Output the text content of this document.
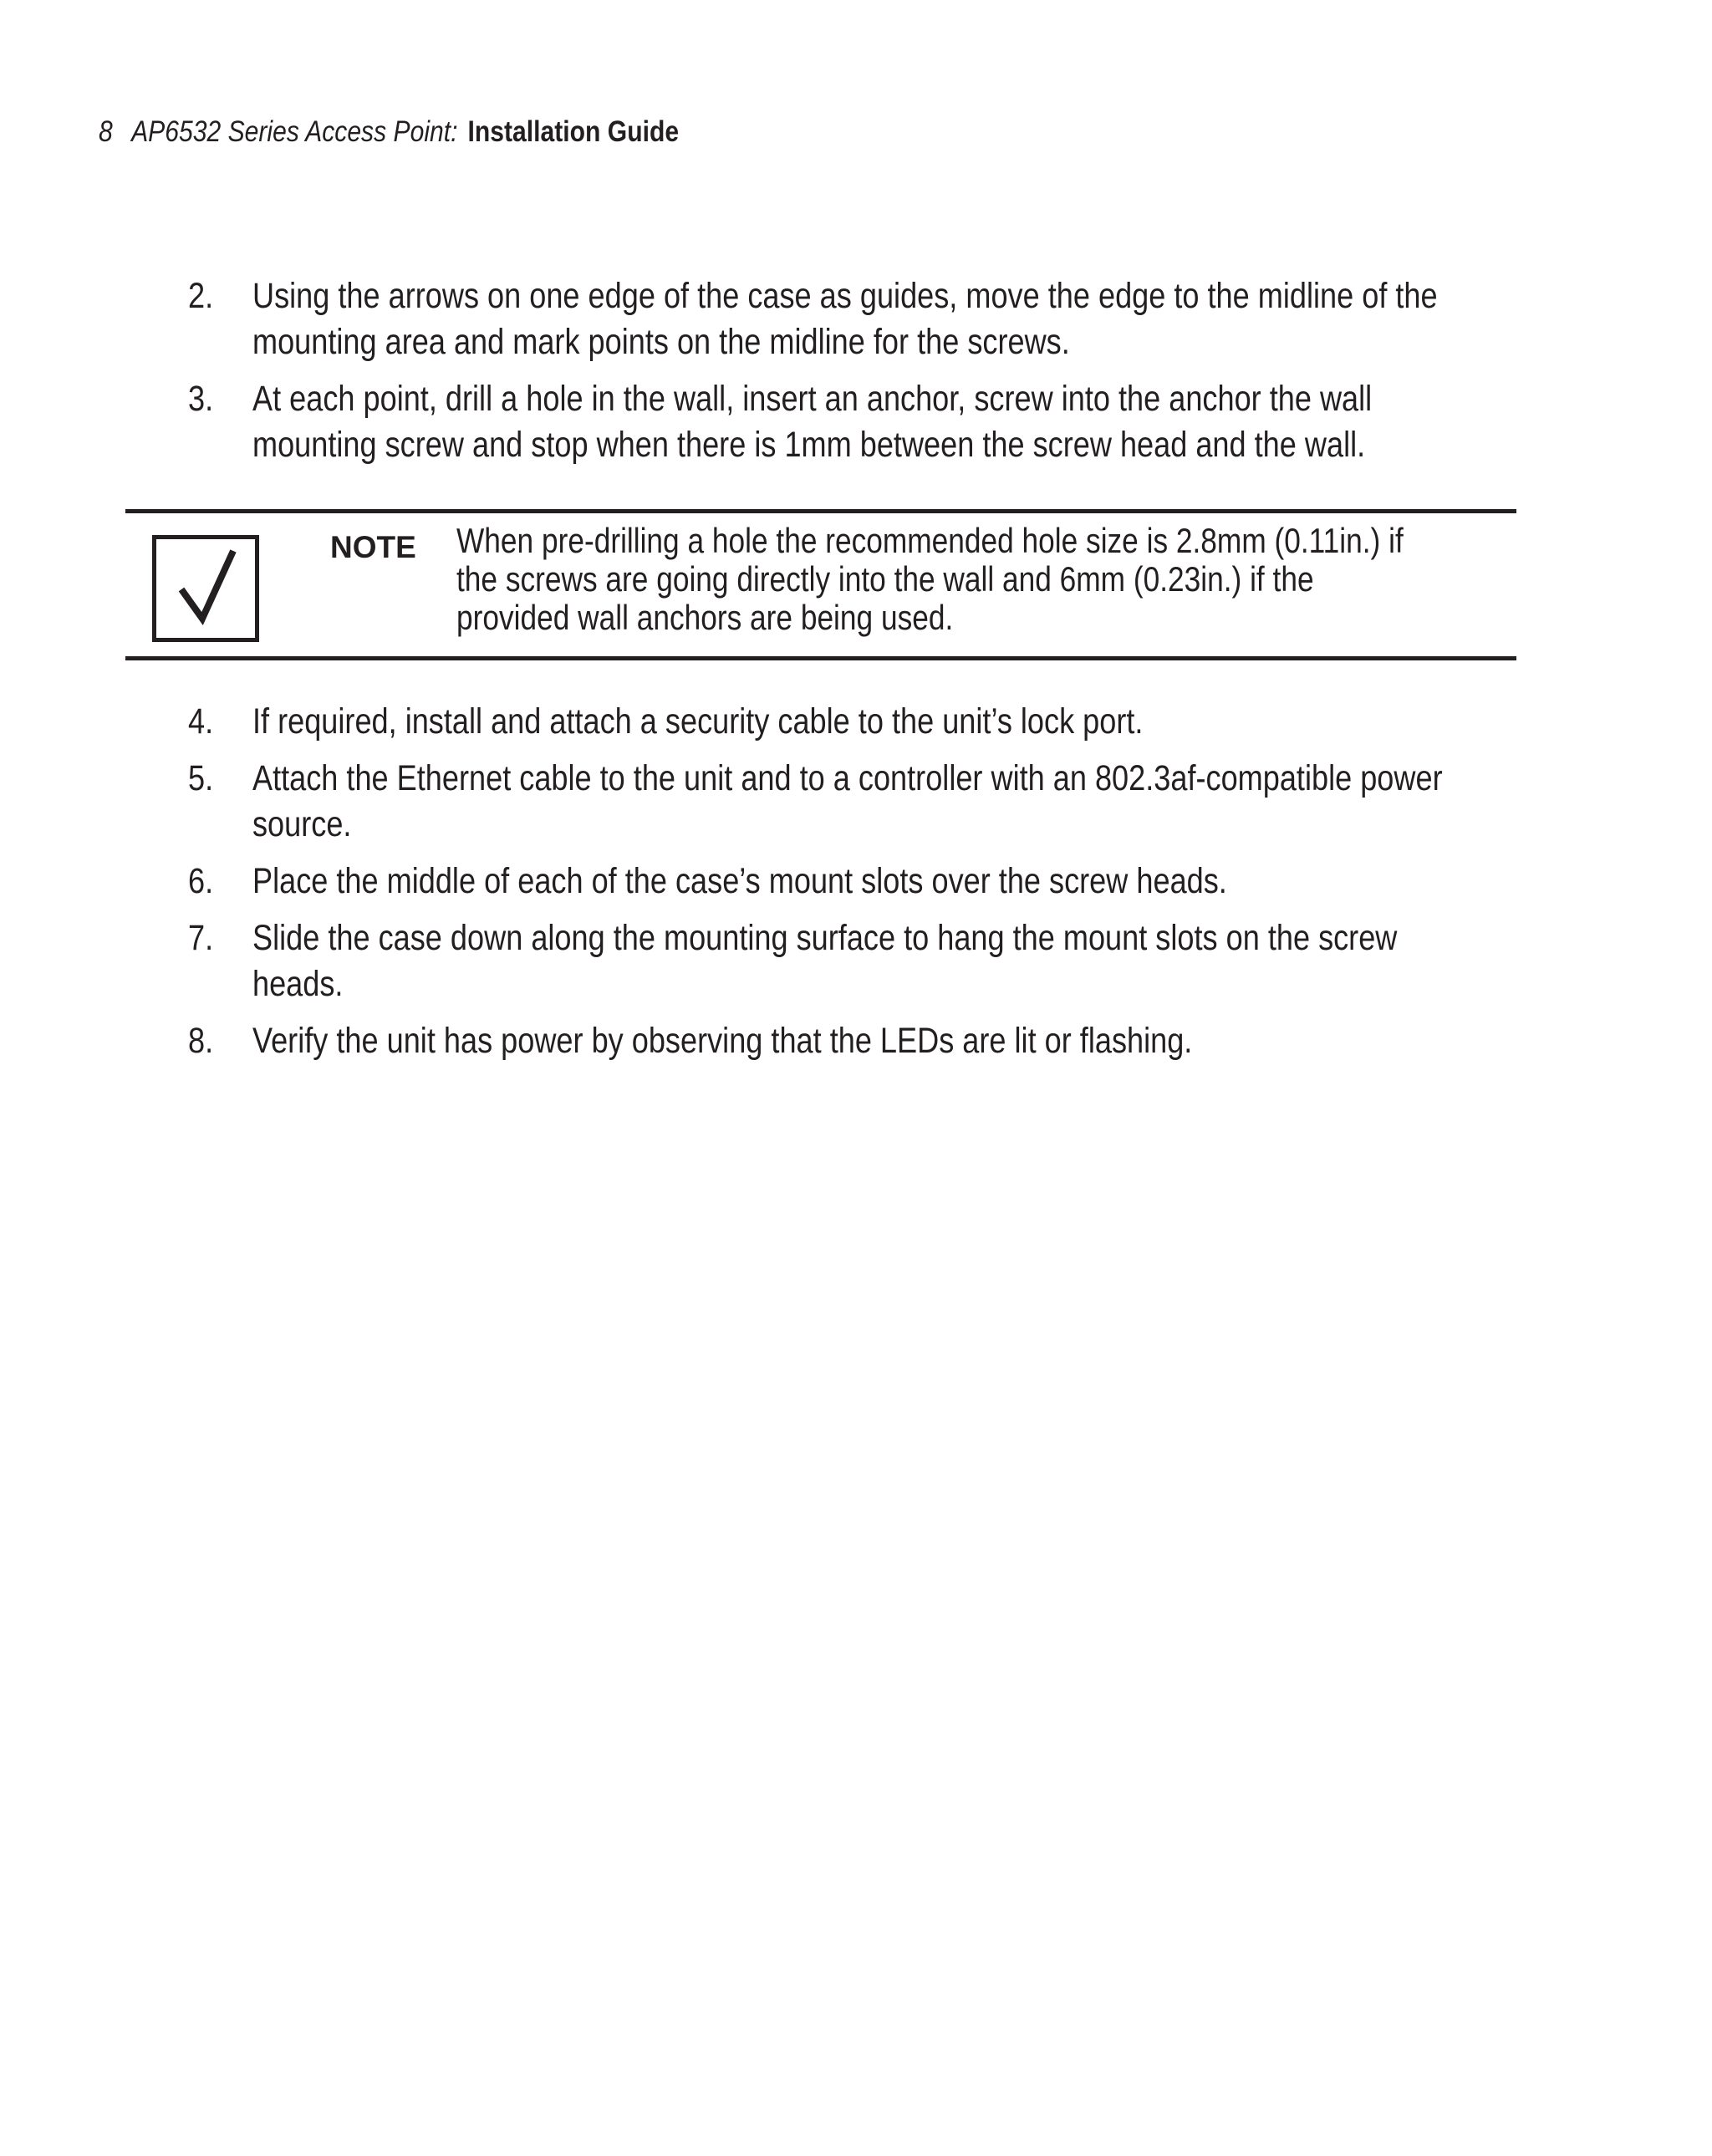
8 AP6532 Series Access Point: Installation Guide
2. Using the arrows on one edge of the case as guides, move the edge to the midline of the
mounting area and mark points on the midline for the screws.
3. At each point, drill a hole in the wall, insert an anchor, screw into the anchor the wall
mounting screw and stop when there is 1mm between the screw head and the wall.
NOTE When pre-drilling a hole the recommended hole size is 2.8mm (0.11in.) if
the screws are going directly into the wall and 6mm (0.23in.) if the
provided wall anchors are being used.
4. If required, install and attach a security cable to the unit’s lock port.
5. Attach the Ethernet cable to the unit and to a controller with an 802.3af-compatible power
source.
6. Place the middle of each of the case’s mount slots over the screw heads.
7. Slide the case down along the mounting surface to hang the mount slots on the screw
heads.
8. Verify the unit has power by observing that the LEDs are lit or flashing.
